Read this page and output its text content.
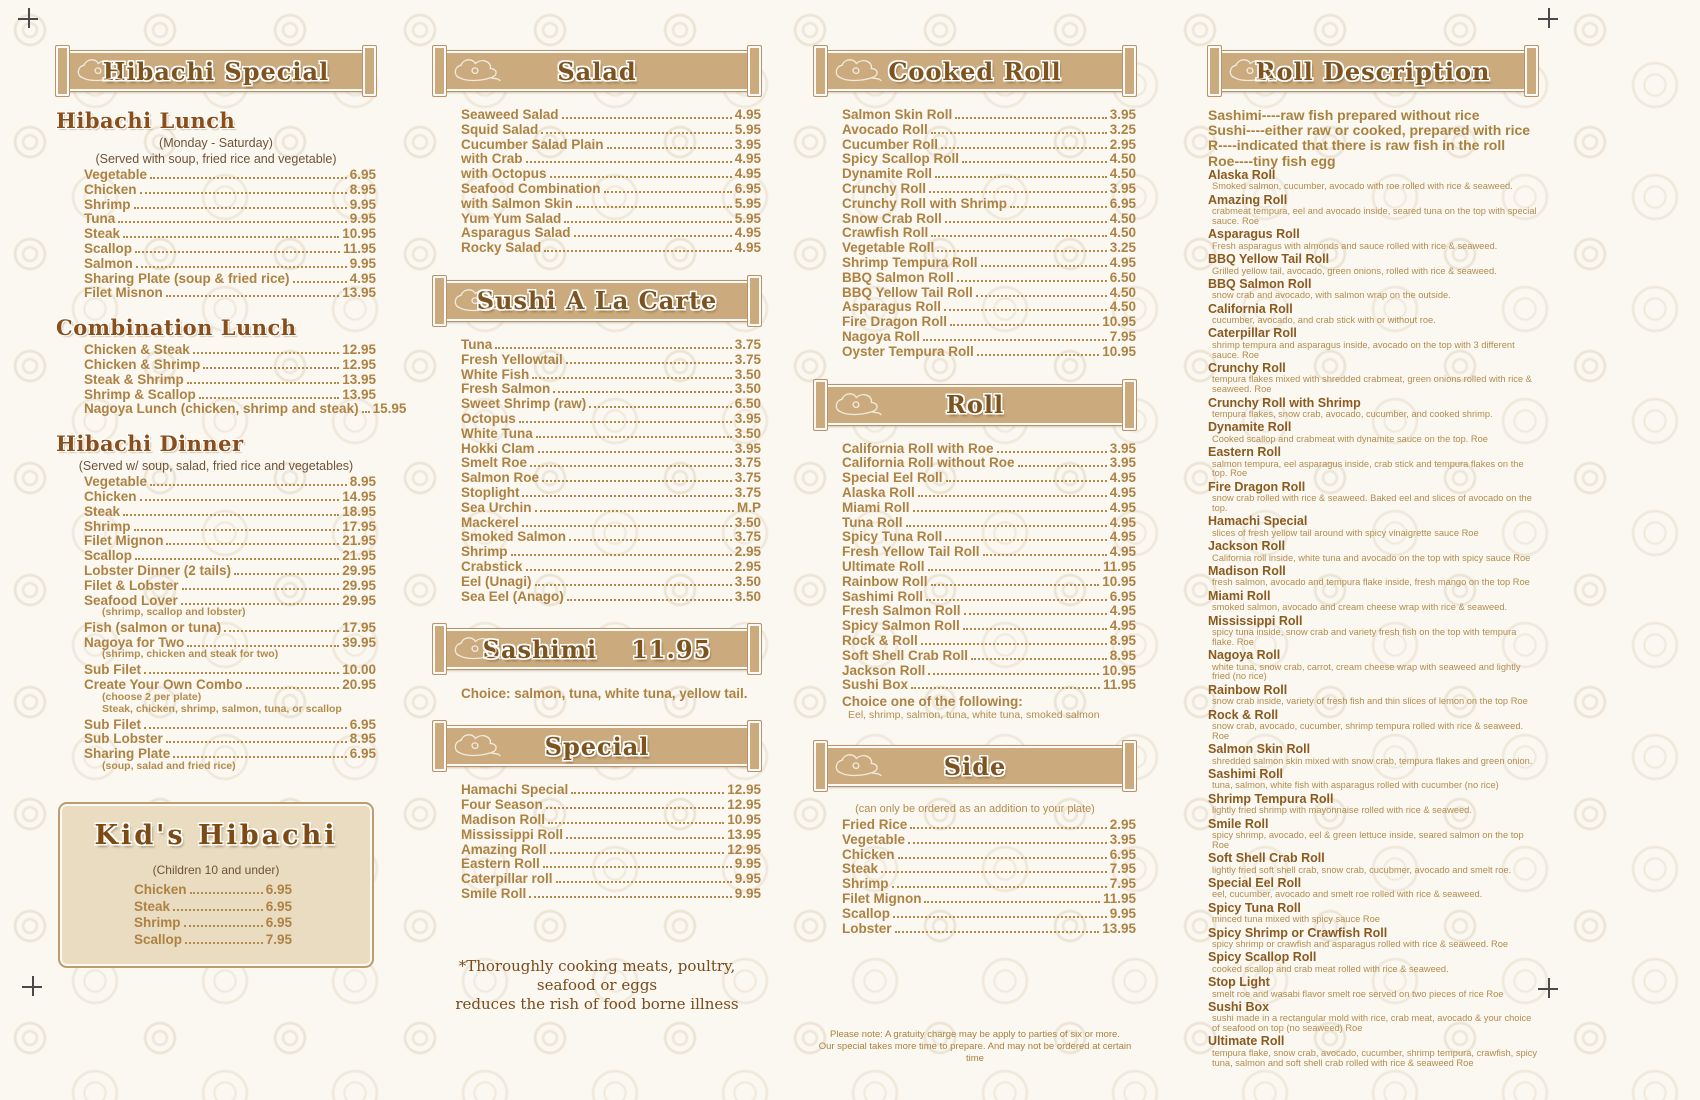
Hibachi Special
Hibachi Lunch
(Monday - Saturday)
(Served with soup, fried rice and vegetable)
Vegetable	6.95
Chicken	8.95
Shrimp	9.95
Tuna	9.95
Steak	10.95
Scallop	11.95
Salmon	9.95
Sharing Plate (soup & fried rice)	4.95
Filet Misnon	13.95
Combination Lunch
Chicken & Steak	12.95
Chicken & Shrimp	12.95
Steak & Shrimp	13.95
Shrimp & Scallop	13.95
Nagoya Lunch (chicken, shrimp and steak) 15.95
Hibachi Dinner
(Served w/ soup, salad, fried rice and vegetables)
Vegetable	8.95
Chicken	14.95
Steak	18.95
Shrimp	17.95
Filet Mignon	21.95
Scallop	21.95
Lobster Dinner (2 tails)	29.95
Filet & Lobster	29.95
Seafood Lover	29.95
(shrimp, scallop and lobster)
Fish (salmon or tuna)	17.95
Nagoya for Two	39.95
(shrimp, chicken and steak for two)
Sub Filet	10.00
Create Your Own Combo	20.95
(choose 2 per plate)
Steak, chicken, shrimp, salmon, tuna, or scallop
Sub Filet	6.95
Sub Lobster	8.95
Sharing Plate	6.95
(soup, salad and fried rice)
Kid's Hibachi
(Children 10 and under)
Chicken	6.95
Steak	6.95
Shrimp	6.95
Scallop	7.95
Salad
Seaweed Salad	4.95
Squid Salad	5.95
Cucumber Salad Plain	3.95
with Crab	4.95
with Octopus	4.95
Seafood Combination	6.95
with Salmon Skin	5.95
Yum Yum Salad	5.95
Asparagus Salad	4.95
Rocky Salad	4.95
Sushi A La Carte
Tuna	3.75
Fresh Yellowtail	3.75
White Fish	3.50
Fresh Salmon	3.50
Sweet Shrimp (raw)	6.50
Octopus	3.95
White Tuna	3.50
Hokki Clam	3.95
Smelt Roe	3.75
Salmon Roe	3.75
Stoplight	3.75
Sea Urchin	M.P
Mackerel	3.50
Smoked Salmon	3.75
Shrimp	2.95
Crabstick	2.95
Eel (Unagi)	3.50
Sea Eel (Anago)	3.50
Sashimi 11.95
Choice: salmon, tuna, white tuna, yellow tail.
Special
Hamachi Special	12.95
Four Season	12.95
Madison Roll	10.95
Mississippi Roll	13.95
Amazing Roll	12.95
Eastern Roll	9.95
Caterpillar roll	9.95
Smile Roll	9.95
*Thoroughly cooking meats, poultry, seafood or eggs
reduces the rish of food borne illness
Cooked Roll
Salmon Skin Roll	3.95
Avocado Roll	3.25
Cucumber Roll	2.95
Spicy Scallop Roll	4.50
Dynamite Roll	4.50
Crunchy Roll	3.95
Crunchy Roll with Shrimp	6.95
Snow Crab Roll	4.50
Crawfish Roll	4.50
Vegetable Roll	3.25
Shrimp Tempura Roll	4.95
BBQ Salmon Roll	6.50
BBQ Yellow Tail Roll	4.50
Asparagus Roll	4.50
Fire Dragon Roll	10.95
Nagoya Roll	7.95
Oyster Tempura Roll	10.95
Roll
California Roll with Roe	3.95
California Roll without Roe	3.95
Special Eel Roll	4.95
Alaska Roll	4.95
Miami Roll	4.95
Tuna Roll	4.95
Spicy Tuna Roll	4.95
Fresh Yellow Tail Roll	4.95
Ultimate Roll	11.95
Rainbow Roll	10.95
Sashimi Roll	6.95
Fresh Salmon Roll	4.95
Spicy Salmon Roll	4.95
Rock & Roll	8.95
Soft Shell Crab Roll	8.95
Jackson Roll	10.95
Sushi Box	11.95
Choice one of the following:
Eel, shrimp, salmon, tuna, white tuna, smoked salmon
Side
(can only be ordered as an addition to your plate)
Fried Rice	2.95
Vegetable	3.95
Chicken	6.95
Steak	7.95
Shrimp	7.95
Filet Mignon	11.95
Scallop	9.95
Lobster	13.95
Please note: A gratuity charge may be apply to parties of six or more.
Our special takes more time to prepare. And may not be ordered at certain time
Roll Description
Sashimi----raw fish prepared without rice
Sushi----either raw or cooked, prepared with rice
R----indicated that there is raw fish in the roll
Roe----tiny fish egg
Alaska Roll
Smoked salmon, cucumber, avocado with roe rolled with rice & seaweed.
Amazing Roll
crabmeat tempura, eel and avocado inside, seared tuna on the top with special sauce. Roe
Asparagus Roll
Fresh asparagus with almonds and sauce rolled with rice & seaweed.
BBQ Yellow Tail Roll
Grilled yellow tail, avocado, green onions, rolled with rice & seaweed.
BBQ Salmon Roll
snow crab and avocado, with salmon wrap on the outside.
California Roll
cucumber, avocado, and crab stick with or without roe.
Caterpillar Roll
shrimp tempura and asparagus inside, avocado on the top with 3 different sauce. Roe
Crunchy Roll
tempura flakes mixed with shredded crabmeat, green onions rolled with rice & seaweed. Roe
Crunchy Roll with Shrimp
tempura flakes, snow crab, avocado, cucumber, and cooked shrimp.
Dynamite Roll
Cooked scallop and crabmeat with dynamite sauce on the top. Roe
Eastern Roll
salmon tempura, eel asparagus inside, crab stick and tempura flakes on the top. Roe
Fire Dragon Roll
snow crab rolled with rice & seaweed. Baked eel and slices of avocado on the top.
Hamachi Special
slices of fresh yellow tail around with spicy vinaigrette sauce Roe
Jackson Roll
California roll inside, white tuna and avocado on the top with spicy sauce Roe
Madison Roll
fresh salmon, avocado and tempura flake inside, fresh mango on the top Roe
Miami Roll
smoked salmon, avocado and cream cheese wrap with rice & seaweed.
Mississippi Roll
spicy tuna inside, snow crab and variety fresh fish on the top with tempura flake. Roe
Nagoya Roll
white tuna, snow crab, carrot, cream cheese wrap with seaweed and lightly fried (no rice)
Rainbow Roll
snow crab inside, variety of fresh fish and thin slices of lemon on the top Roe
Rock & Roll
snow crab, avocado, cucumber, shrimp tempura rolled with rice & seaweed. Roe
Salmon Skin Roll
shredded salmon skin mixed with snow crab, tempura flakes and green onion.
Sashimi Roll
tuna, salmon, white fish with asparagus rolled with cucumber (no rice)
Shrimp Tempura Roll
lightly fried shrimp with mayonnaise rolled with rice & seaweed.
Smile Roll
spicy shrimp, avocado, eel & green lettuce inside, seared salmon on the top Roe
Soft Shell Crab Roll
lightly fried soft shell crab, snow crab, cucubmer, avocado and smelt roe.
Special Eel Roll
eel, cucumber, avocado and smelt roe rolled with rice & seaweed.
Spicy Tuna Roll
minced tuna mixed with spicy sauce Roe
Spicy Shrimp or Crawfish Roll
spicy shrimp or crawfish and asparagus rolled with rice & seaweed. Roe
Spicy Scallop Roll
cooked scallop and crab meat rolled with rice & seaweed.
Stop Light
smelt roe and wasabi flavor smelt roe served on two pieces of rice Roe
Sushi Box
sushi made in a rectangular mold with rice, crab meat, avocado & your choice of seafood on top (no seaweed) Roe
Ultimate Roll
tempura flake, snow crab, avocado, cucumber, shrimp tempura, crawfish, spicy tuna, salmon and soft shell crab rolled with rice & seaweed Roe
